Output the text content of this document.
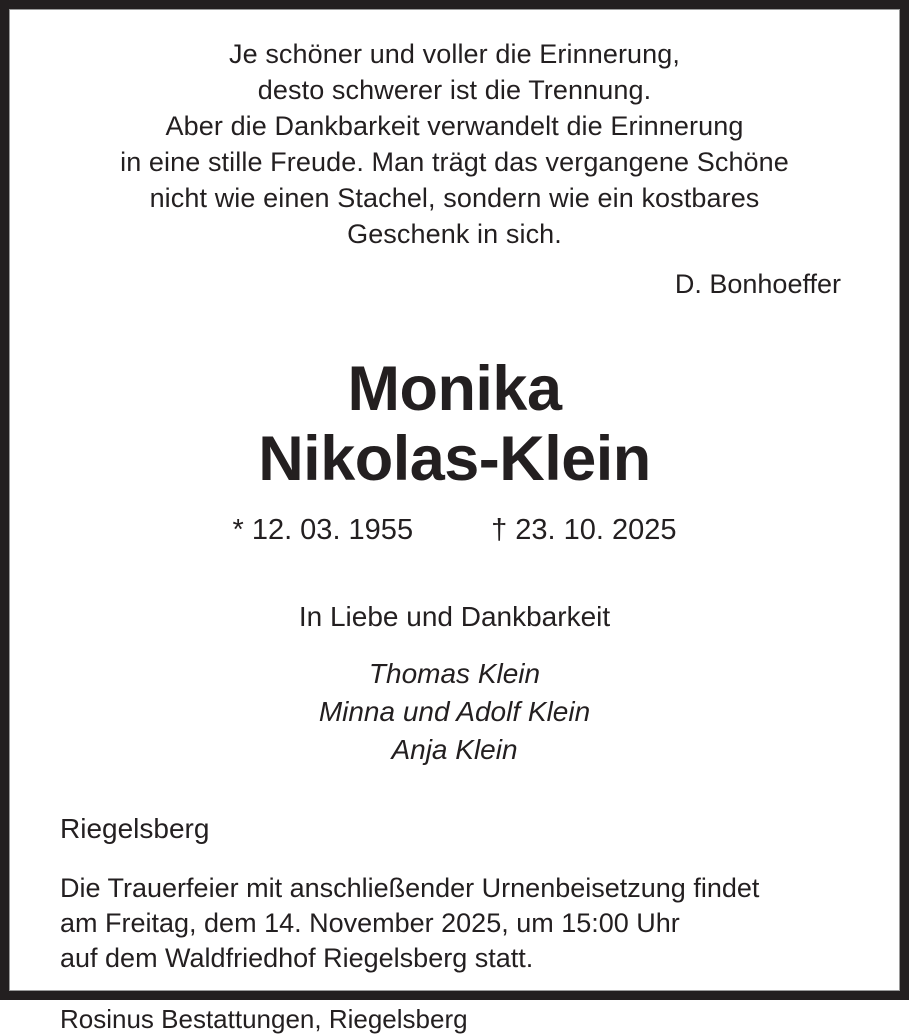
Je schöner und voller die Erinnerung,
desto schwerer ist die Trennung.
Aber die Dankbarkeit verwandelt die Erinnerung
in eine stille Freude. Man trägt das vergangene Schöne
nicht wie einen Stachel, sondern wie ein kostbares
Geschenk in sich.
D. Bonhoeffer
Monika
Nikolas-Klein
* 12. 03. 1955	† 23. 10. 2025
In Liebe und Dankbarkeit
Thomas Klein
Minna und Adolf Klein
Anja Klein
Riegelsberg
Die Trauerfeier mit anschließender Urnenbeisetzung findet
am Freitag, dem 14. November 2025, um 15:00 Uhr
auf dem Waldfriedhof Riegelsberg statt.
Rosinus Bestattungen, Riegelsberg
